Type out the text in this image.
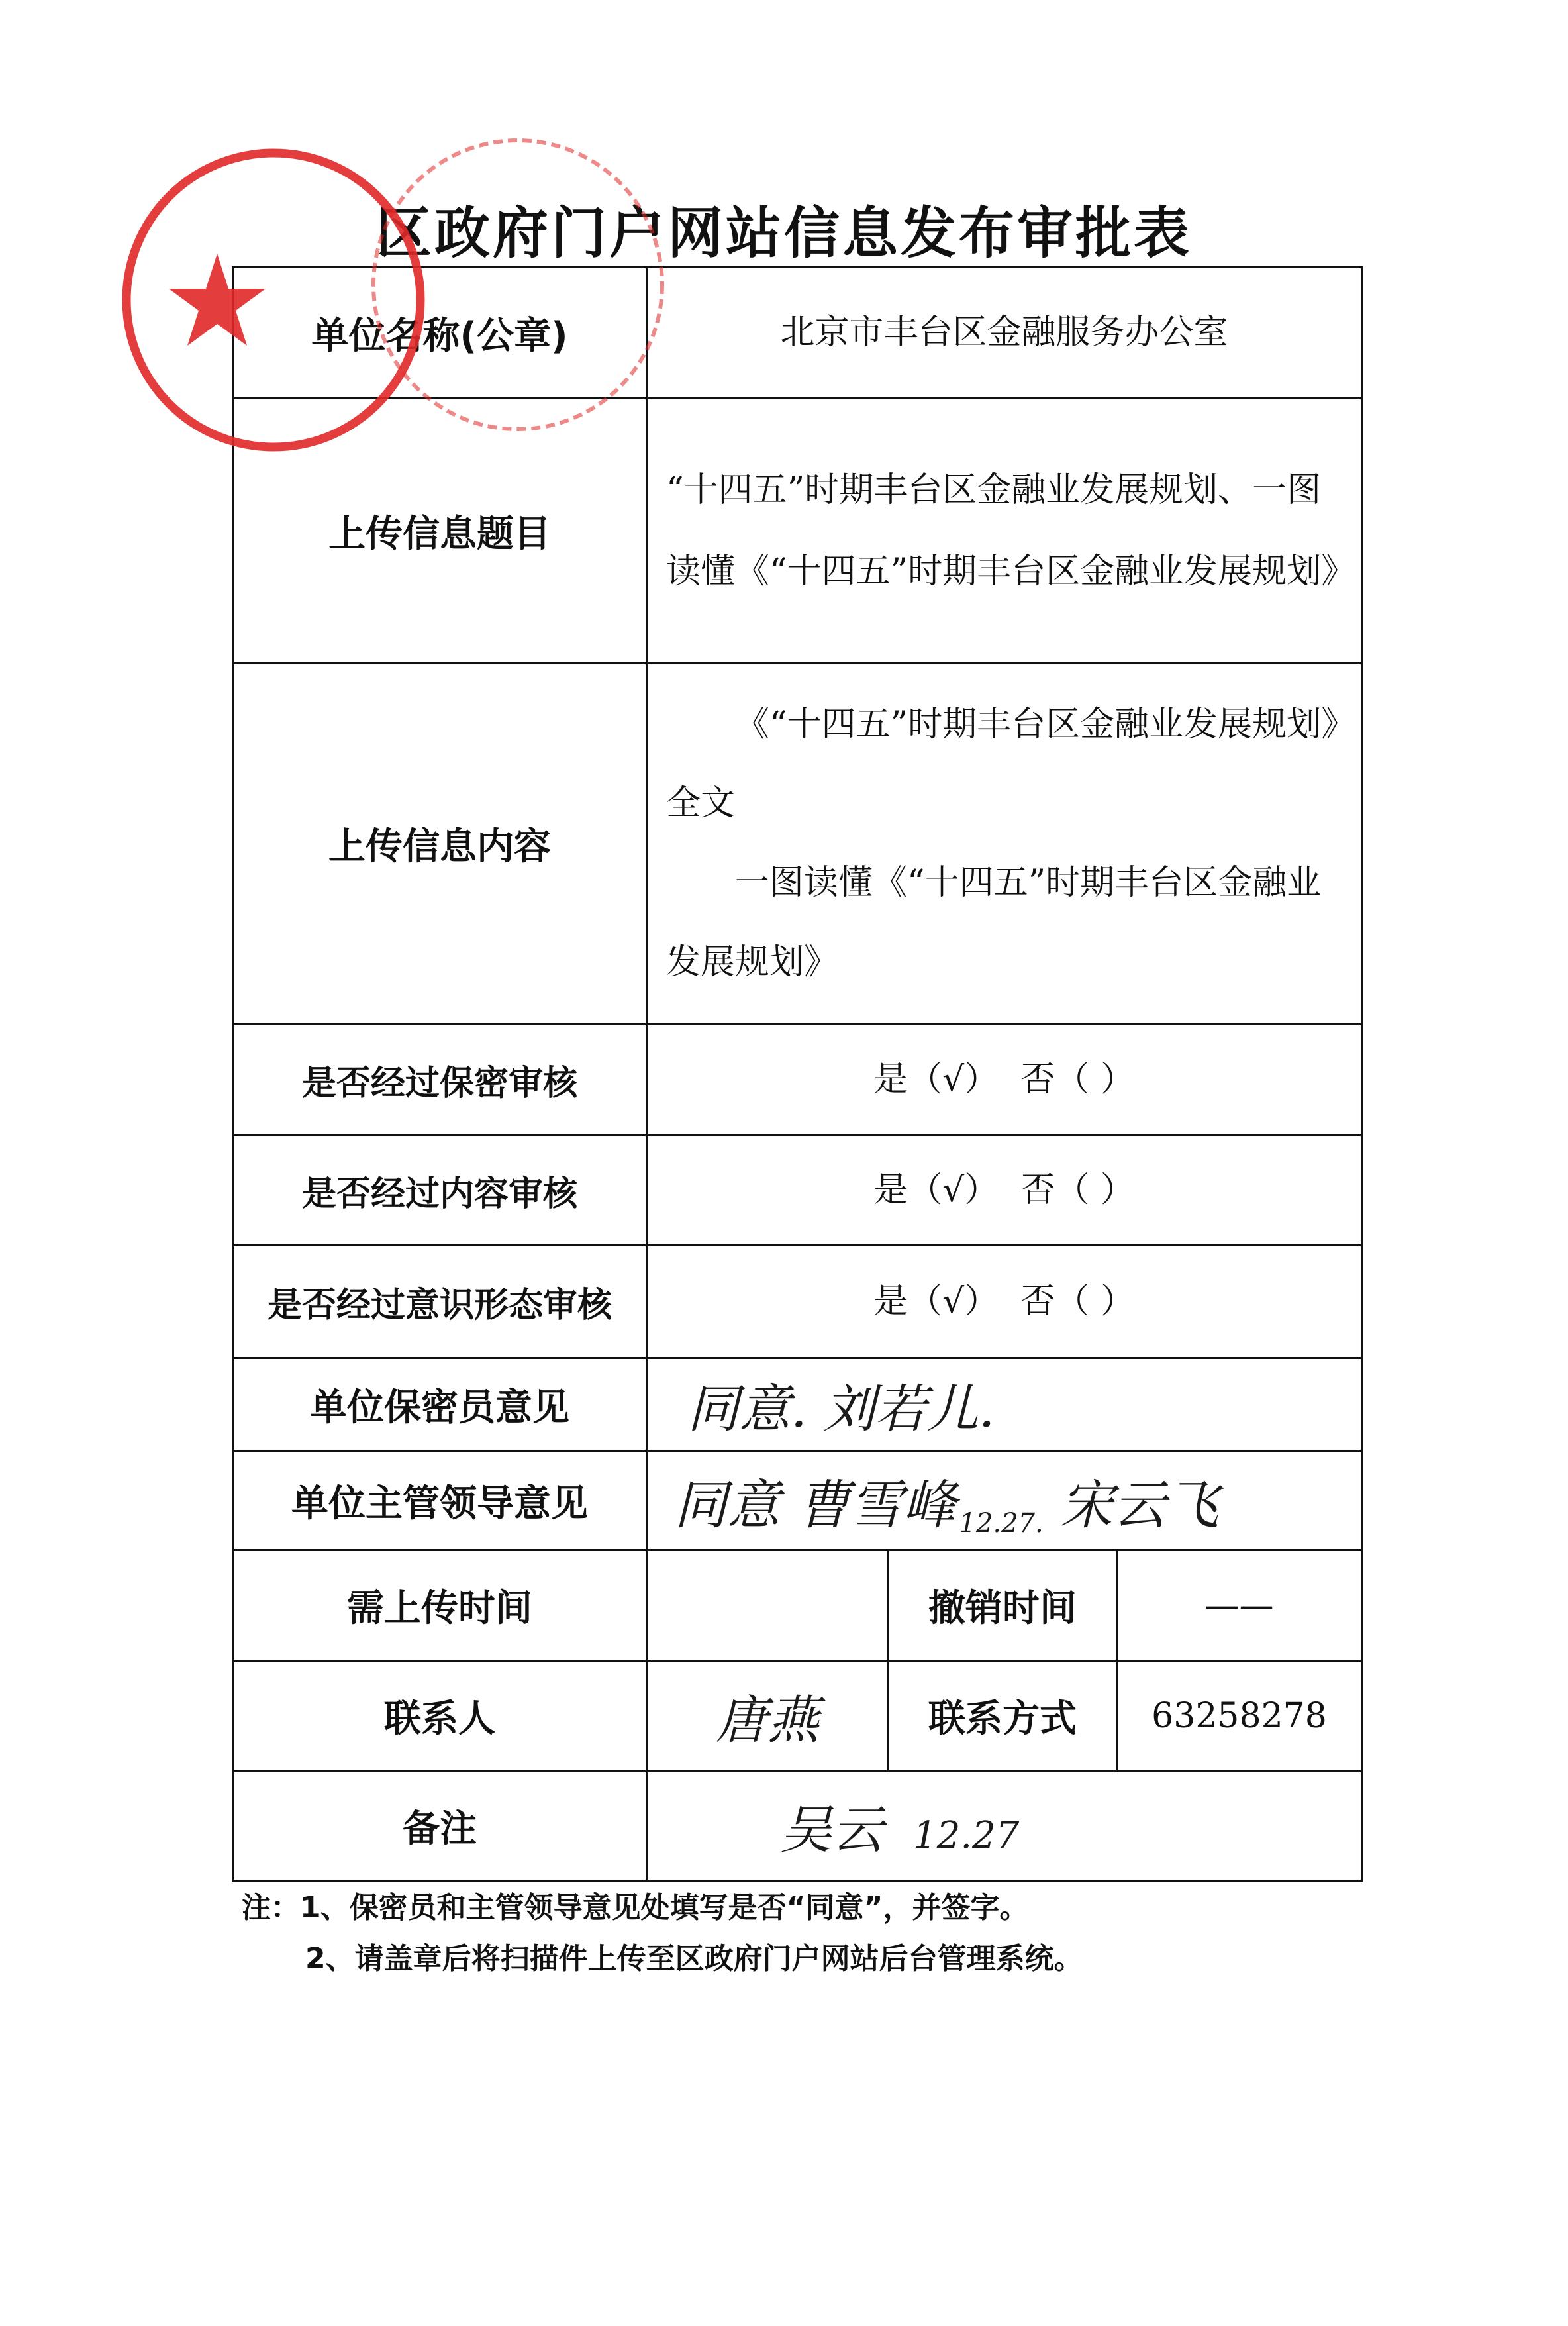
区政府门户网站信息发布审批表
单位名称(公章)	北京市丰台区金融服务办公室		
上传信息题目	“十四五”时期丰台区金融业发展规划、一图读懂《“十四五”时期丰台区金融业发展规划》		
上传信息内容	《“十四五”时期丰台区金融业发展规划》全文
一图读懂《“十四五”时期丰台区金融业发展规划》		

是否经过保密审核	是（√） 否（ ）		
是否经过内容审核	是（√） 否（ ）		
是否经过意识形态审核	是（√） 否（ ）		
单位保密员意见	同意. 刘若儿.		
单位主管领导意见	同意 曹雪峰 12.27. 宋云飞		
需上传时间		撤销时间	——
联系人	唐燕	联系方式	63258278
备注	吴云 12.27		
注：1、保密员和主管领导意见处填写是否“同意”，并签字。
2、请盖章后将扫描件上传至区政府门户网站后台管理系统。
